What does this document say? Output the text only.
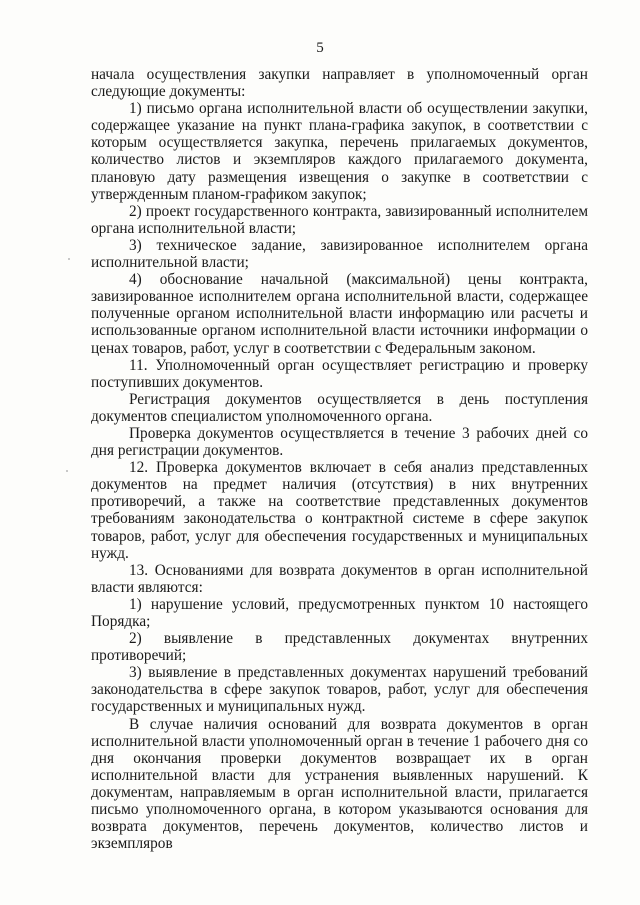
5

начала осуществления закупки направляет в уполномоченный орган следующие документы:

1) письмо органа исполнительной власти об осуществлении закупки, содержащее указание на пункт плана-графика закупок, в соответствии с которым осуществляется закупка, перечень прилагаемых документов, количество листов и экземпляров каждого прилагаемого документа, плановую дату размещения извещения о закупке в соответствии с утвержденным планом-графиком закупок;

2) проект государственного контракта, завизированный исполнителем органа исполнительной власти;

3) техническое задание, завизированное исполнителем органа исполнительной власти;

4) обоснование начальной (максимальной) цены контракта, завизированное исполнителем органа исполнительной власти, содержащее полученные органом исполнительной власти информацию или расчеты и использованные органом исполнительной власти источники информации о ценах товаров, работ, услуг в соответствии с Федеральным законом.

11. Уполномоченный орган осуществляет регистрацию и проверку поступивших документов.

Регистрация документов осуществляется в день поступления документов специалистом уполномоченного органа.

Проверка документов осуществляется в течение 3 рабочих дней со дня регистрации документов.

12. Проверка документов включает в себя анализ представленных документов на предмет наличия (отсутствия) в них внутренних противоречий, а также на соответствие представленных документов требованиям законодательства о контрактной системе в сфере закупок товаров, работ, услуг для обеспечения государственных и муниципальных нужд.

13. Основаниями для возврата документов в орган исполнительной власти являются:

1) нарушение условий, предусмотренных пунктом 10 настоящего Порядка;

2) выявление в представленных документах внутренних противоречий;

3) выявление в представленных документах нарушений требований законодательства в сфере закупок товаров, работ, услуг для обеспечения государственных и муниципальных нужд.

В случае наличия оснований для возврата документов в орган исполнительной власти уполномоченный орган в течение 1 рабочего дня со дня окончания проверки документов возвращает их в орган исполнительной власти для устранения выявленных нарушений. К документам, направляемым в орган исполнительной власти, прилагается письмо уполномоченного органа, в котором указываются основания для возврата документов, перечень документов, количество листов и экземпляров
